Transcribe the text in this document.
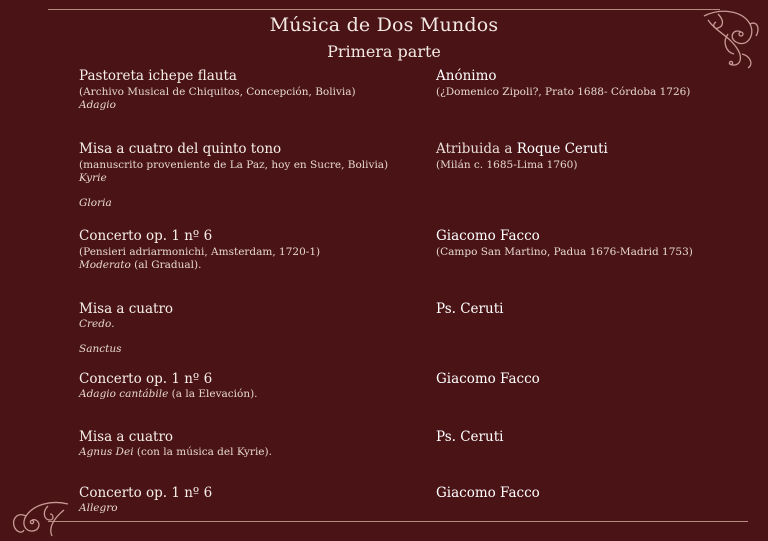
Música de Dos Mundos
Primera parte
Pastoreta ichepe flauta
(Archivo Musical de Chiquitos, Concepción, Bolivia)
Adagio
Anónimo
(¿Domenico Zipoli?, Prato 1688- Córdoba 1726)
Misa a cuatro del quinto tono
(manuscrito proveniente de La Paz, hoy en Sucre, Bolivia)
Kyrie
Gloria
Atribuida a Roque Ceruti
(Milán c. 1685-Lima 1760)
Concerto op. 1 nº 6
(Pensieri adriarmonichi, Amsterdam, 1720-1)
Moderato (al Gradual).
Giacomo Facco
(Campo San Martino, Padua 1676-Madrid 1753)
Misa a cuatro
Credo.
Sanctus
Ps. Ceruti
Concerto op. 1 nº 6
Adagio cantábile (a la Elevación).
Giacomo Facco
Misa a cuatro
Agnus Dei (con la música del Kyrie).
Ps. Ceruti
Concerto op. 1 nº 6
Allegro
Giacomo Facco
